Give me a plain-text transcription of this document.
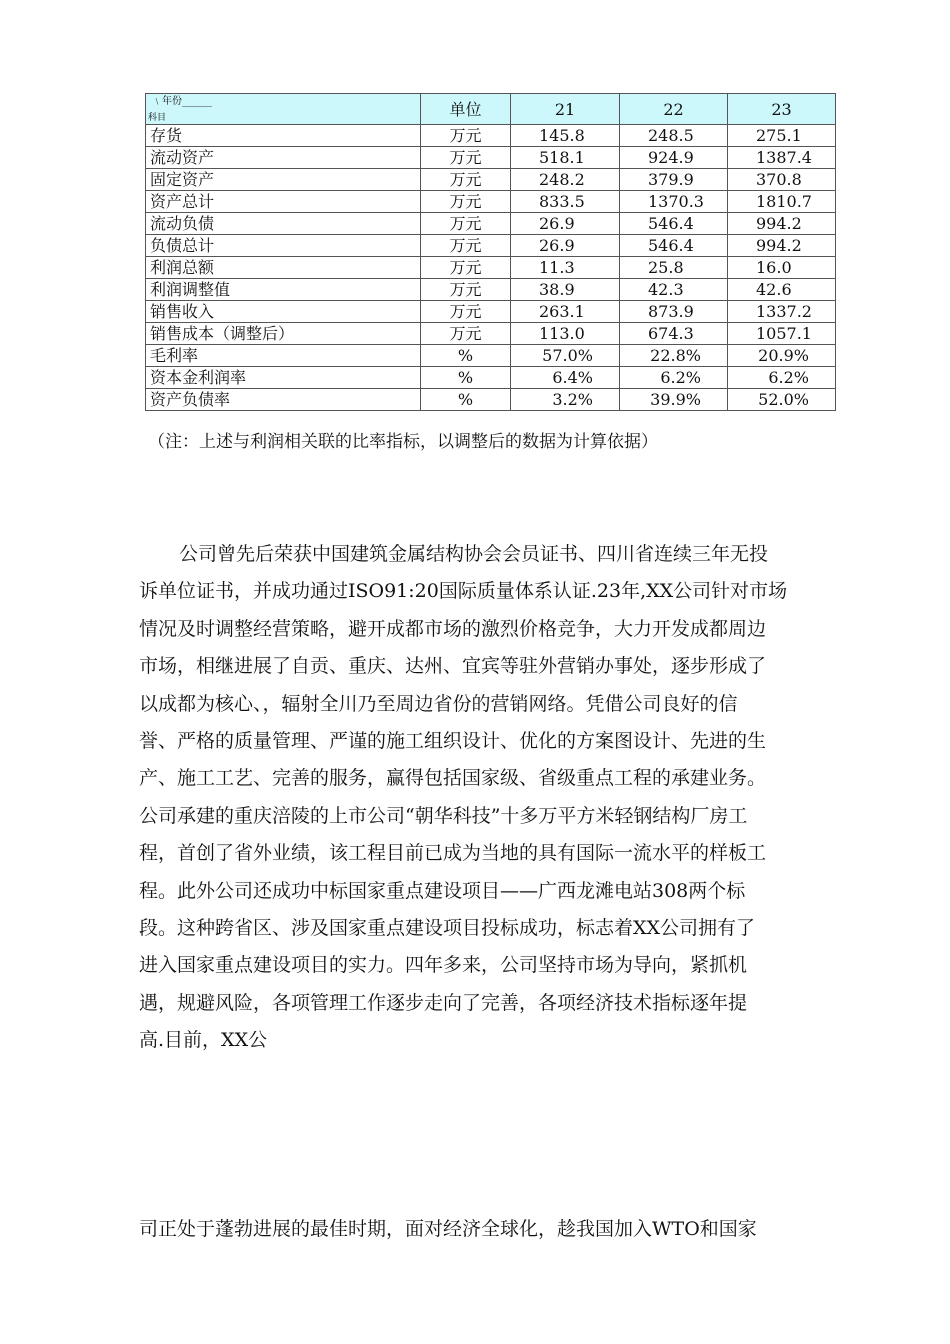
﹨年份______
科目	单位	21	22	23
存货	万元	145.8	248.5	275.1
流动资产	万元	518.1	924.9	1387.4
固定资产	万元	248.2	379.9	370.8
资产总计	万元	833.5	1370.3	1810.7
流动负债	万元	26.9	546.4	994.2
负债总计	万元	26.9	546.4	994.2
利润总额	万元	11.3	25.8	16.0
利润调整值	万元	38.9	42.3	42.6
销售收入	万元	263.1	873.9	1337.2
销售成本（调整后）	万元	113.0	674.3	1057.1
毛利率	%	57.0%	22.8%	20.9%
资本金利润率	%	6.4%	6.2%	6.2%
资产负债率	%	3.2%	39.9%	52.0%
（注：上述与利润相关联的比率指标，以调整后的数据为计算依据）

公司曾先后荣获中国建筑金属结构协会会员证书、四川省连续三年无投

诉单位证书，并成功通过ISO91:20国际质量体系认证.23年,XX公司针对市场

情况及时调整经营策略，避开成都市场的激烈价格竞争，大力开发成都周边

市场，相继进展了自贡、重庆、达州、宜宾等驻外营销办事处，逐步形成了

以成都为核心、，辐射全川乃至周边省份的营销网络。凭借公司良好的信

誉、严格的质量管理、严谨的施工组织设计、优化的方案图设计、先进的生

产、施工工艺、完善的服务，赢得包括国家级、省级重点工程的承建业务。

公司承建的重庆涪陵的上市公司“朝华科技”十多万平方米轻钢结构厂房工

程，首创了省外业绩，该工程目前已成为当地的具有国际一流水平的样板工

程。此外公司还成功中标国家重点建设项目——广西龙滩电站308两个标

段。这种跨省区、涉及国家重点建设项目投标成功，标志着XX公司拥有了

进入国家重点建设项目的实力。四年多来，公司坚持市场为导向，紧抓机

遇，规避风险，各项管理工作逐步走向了完善，各项经济技术指标逐年提

高.目前，XX公

司正处于蓬勃进展的最佳时期，面对经济全球化，趁我国加入WTO和国家
